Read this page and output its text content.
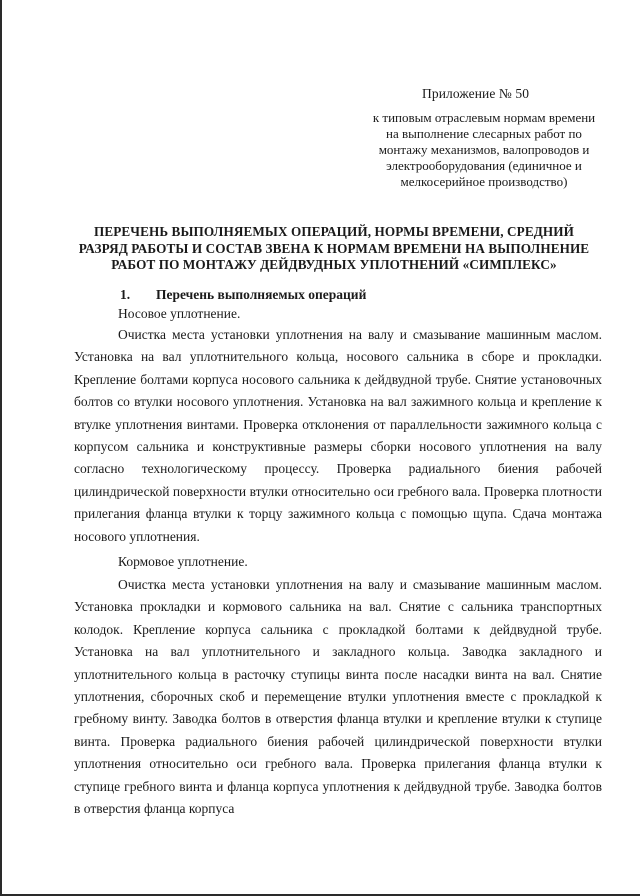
Приложение № 50
к типовым отраслевым нормам времени на выполнение слесарных работ по монтажу механизмов, валопроводов и электрооборудования (единичное и мелкосерийное производство)
ПЕРЕЧЕНЬ ВЫПОЛНЯЕМЫХ ОПЕРАЦИЙ, НОРМЫ ВРЕМЕНИ, СРЕДНИЙ РАЗРЯД РАБОТЫ И СОСТАВ ЗВЕНА К НОРМАМ ВРЕМЕНИ НА ВЫПОЛНЕНИЕ РАБОТ ПО МОНТАЖУ ДЕЙДВУДНЫХ УПЛОТНЕНИЙ «СИМПЛЕКС»
1. Перечень выполняемых операций
Носовое уплотнение.
Очистка места установки уплотнения на валу и смазывание машинным маслом. Установка на вал уплотнительного кольца, носового сальника в сборе и прокладки. Крепление болтами корпуса носового сальника к дейдвудной трубе. Снятие установочных болтов со втулки носового уплотнения. Установка на вал зажимного кольца и крепление к втулке уплотнения винтами. Проверка отклонения от параллельности зажимного кольца с корпусом сальника и конструктивные размеры сборки носового уплотнения на валу согласно технологическому процессу. Проверка радиального биения рабочей цилиндрической поверхности втулки относительно оси гребного вала. Проверка плотности прилегания фланца втулки к торцу зажимного кольца с помощью щупа. Сдача монтажа носового уплотнения.
Кормовое уплотнение.
Очистка места установки уплотнения на валу и смазывание машинным маслом. Установка прокладки и кормового сальника на вал. Снятие с сальника транспортных колодок. Крепление корпуса сальника с прокладкой болтами к дейдвудной трубе. Установка на вал уплотнительного и закладного кольца. Заводка закладного и уплотнительного кольца в расточку ступицы винта после насадки винта на вал. Снятие уплотнения, сборочных скоб и перемещение втулки уплотнения вместе с прокладкой к гребному винту. Заводка болтов в отверстия фланца втулки и крепление втулки к ступице винта. Проверка радиального биения рабочей цилиндрической поверхности втулки уплотнения относительно оси гребного вала. Проверка прилегания фланца втулки к ступице гребного винта и фланца корпуса уплотнения к дейдвудной трубе. Заводка болтов в отверстия фланца корпуса
